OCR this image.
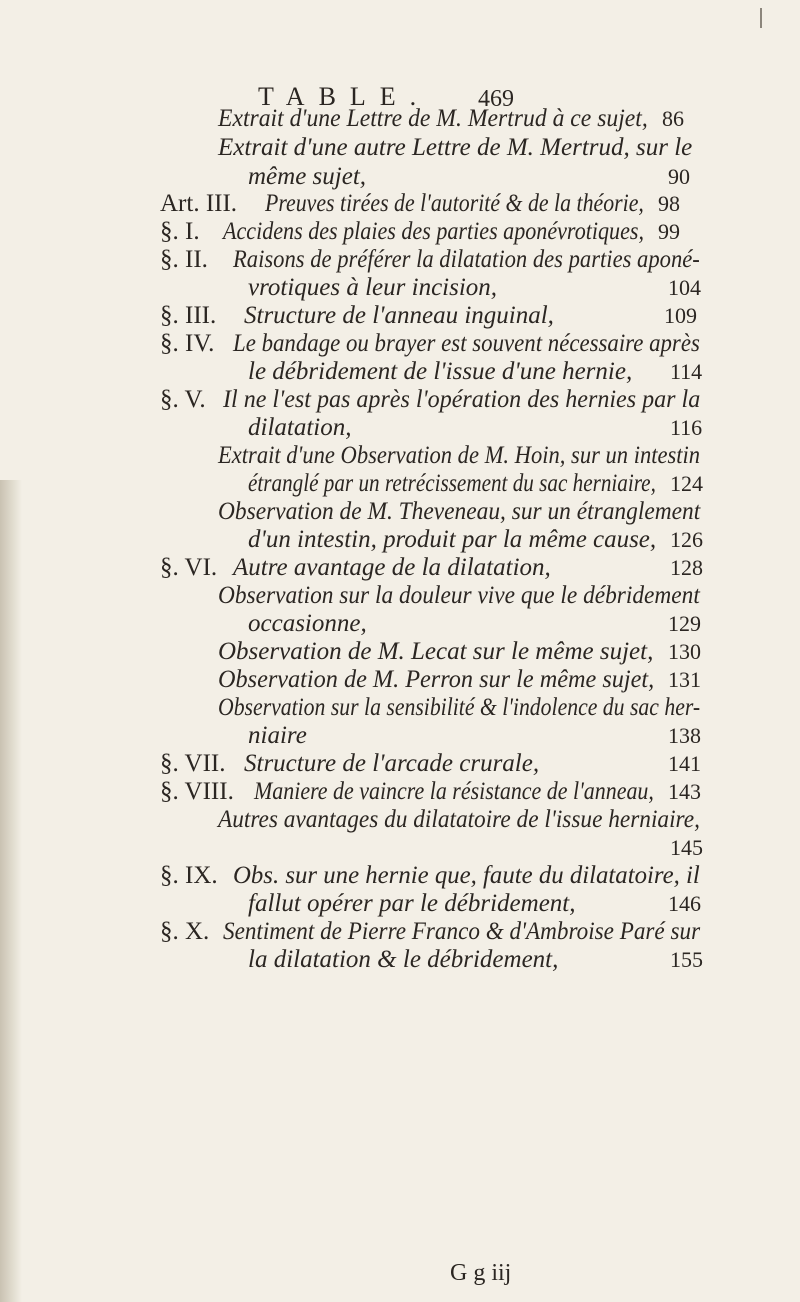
TABLE. 469
Extrait d'une Lettre de M. Mertrud à ce sujet, 86
Extrait d'une autre Lettre de M. Mertrud, sur le
même sujet,	90
Art. III. Preuves tirées de l'autorité & de la théorie, 98
§. I. Accidens des plaies des parties aponévrotiques, 99
§. II. Raisons de préférer la dilatation des parties aponé-
vrotiques à leur incision,	104
§. III. Structure de l'anneau inguinal,	109
§. IV. Le bandage ou brayer est souvent nécessaire après
le débridement de l'issue d'une hernie, 114
§. V. Il ne l'est pas après l'opération des hernies par la
dilatation,	116
Extrait d'une Observation de M. Hoin, sur un intestin
étranglé par un retrécissement du sac herniaire, 124
Observation de M. Theveneau, sur un étranglement
d'un intestin, produit par la même cause, 126
§. VI. Autre avantage de la dilatation,	128
Observation sur la douleur vive que le débridement
occasionne,	129
Observation de M. Lecat sur le même sujet, 130
Observation de M. Perron sur le même sujet, 131
Observation sur la sensibilité & l'indolence du sac her-
niaire	138
§. VII. Structure de l'arcade crurale,	141
§. VIII. Maniere de vaincre la résistance de l'anneau, 143
Autres avantages du dilatatoire de l'issue herniaire,
145
§. IX. Obs. sur une hernie que, faute du dilatatoire, il
fallut opérer par le débridement,	146
§. X. Sentiment de Pierre Franco & d'Ambroise Paré sur
la dilatation & le débridement,	155
G g iij
